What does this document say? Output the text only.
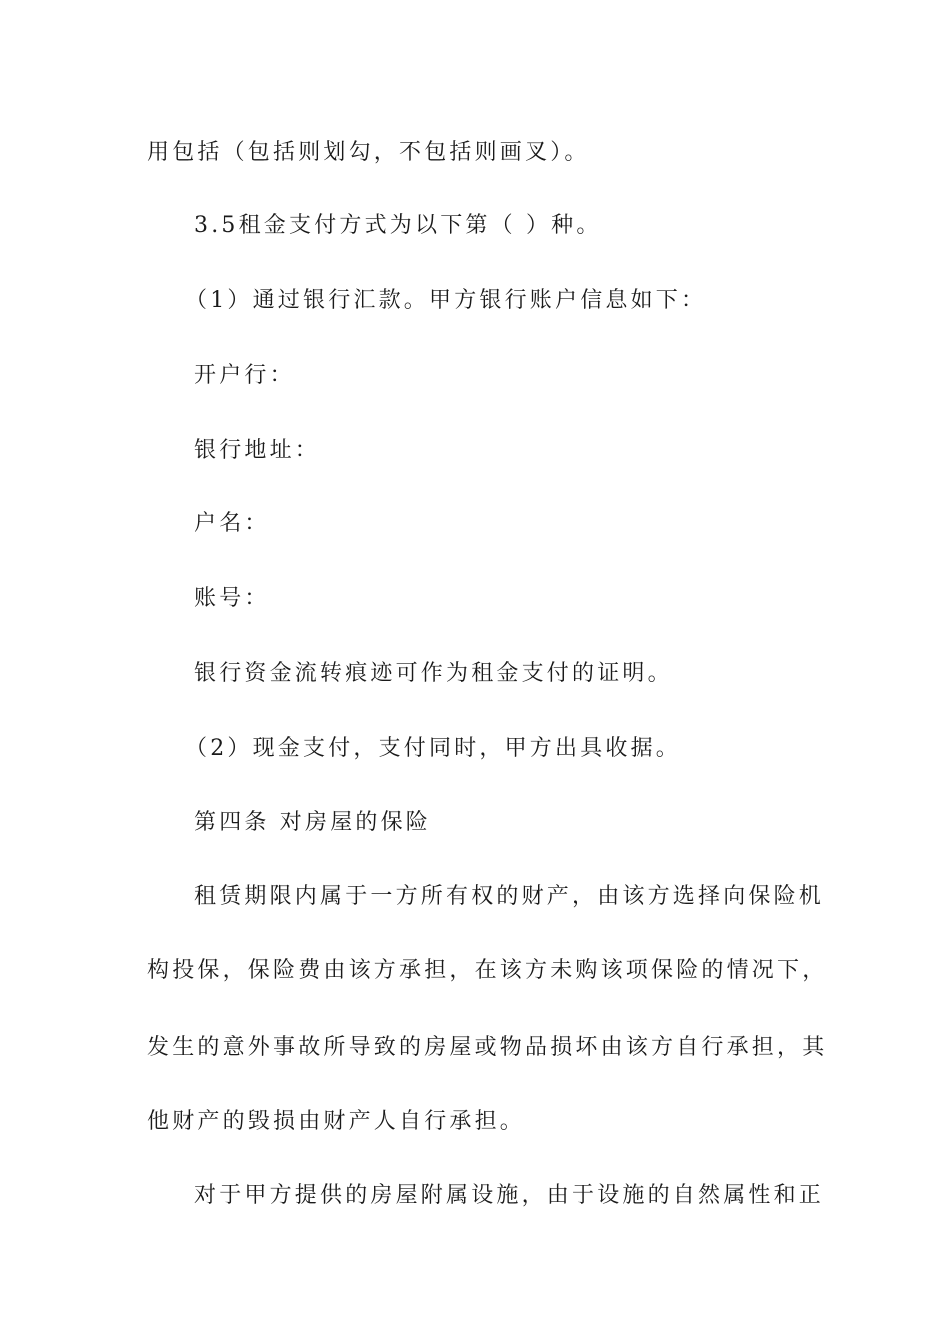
用包括（包括则划勾，不包括则画叉）。
3.5租金支付方式为以下第（ ）种。
（1）通过银行汇款。甲方银行账户信息如下：
开户行：
银行地址：
户名：
账号：
银行资金流转痕迹可作为租金支付的证明。
（2）现金支付，支付同时，甲方出具收据。
第四条 对房屋的保险
租赁期限内属于一方所有权的财产，由该方选择向保险机
构投保，保险费由该方承担，在该方未购该项保险的情况下，
发生的意外事故所导致的房屋或物品损坏由该方自行承担，其
他财产的毁损由财产人自行承担。
对于甲方提供的房屋附属设施，由于设施的自然属性和正
